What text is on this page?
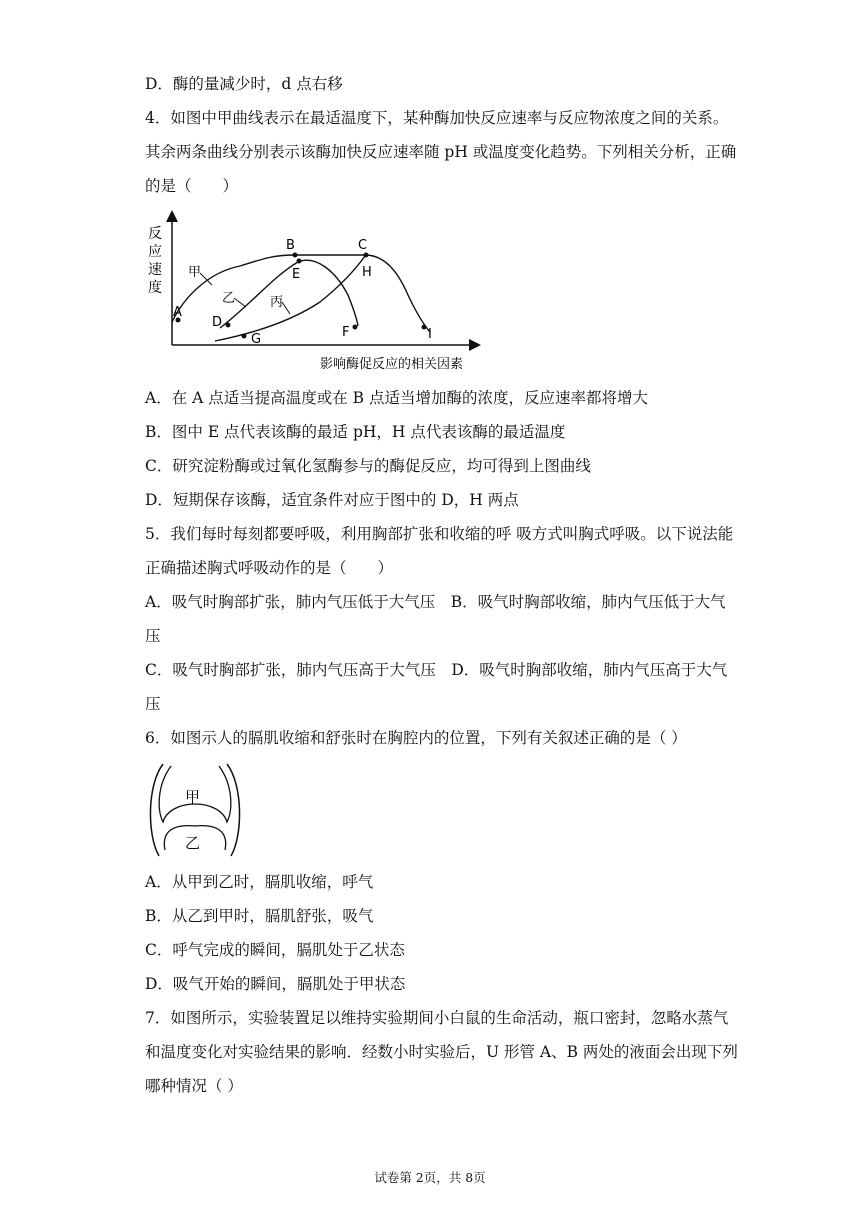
D．酶的量减少时，d 点右移
4．如图中甲曲线表示在最适温度下，某种酶加快反应速率与反应物浓度之间的关系。
其余两条曲线分别表示该酶加快反应速率随 pH 或温度变化趋势。下列相关分析，正确
的是（　　）
反
应
速
度
A
B	C
D
E
F
G
H
I
甲
乙	丙
影响酶促反应的相关因素
A．在 A 点适当提高温度或在 B 点适当增加酶的浓度，反应速率都将增大
B．图中 E 点代表该酶的最适 pH，H 点代表该酶的最适温度
C．研究淀粉酶或过氧化氢酶参与的酶促反应，均可得到上图曲线
D．短期保存该酶，适宜条件对应于图中的 D，H 两点
5．我们每时每刻都要呼吸，利用胸部扩张和收缩的呼 吸方式叫胸式呼吸。以下说法能
正确描述胸式呼吸动作的是（　　）
A．吸气时胸部扩张，肺内气压低于大气压　B．吸气时胸部收缩，肺内气压低于大气
压
C．吸气时胸部扩张，肺内气压高于大气压　D．吸气时胸部收缩，肺内气压高于大气
压
6．如图示人的膈肌收缩和舒张时在胸腔内的位置，下列有关叙述正确的是（ ）
甲
乙
A．从甲到乙时，膈肌收缩，呼气
B．从乙到甲时，膈肌舒张，吸气
C．呼气完成的瞬间，膈肌处于乙状态
D．吸气开始的瞬间，膈肌处于甲状态
7．如图所示，实验装置足以维持实验期间小白鼠的生命活动，瓶口密封，忽略水蒸气
和温度变化对实验结果的影响．经数小时实验后，U 形管 A、B 两处的液面会出现下列
哪种情况（ ）
试卷第 2页，共 8页
